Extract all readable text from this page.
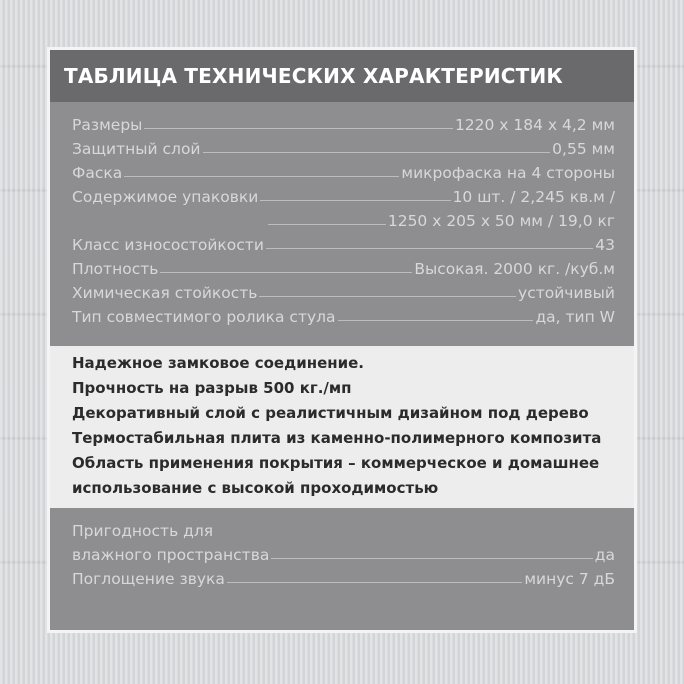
ТАБЛИЦА ТЕХНИЧЕСКИХ ХАРАКТЕРИСТИК
Размеры	1220 x 184 x 4,2 мм
Защитный слой	0,55 мм
Фаска	микрофаска на 4 стороны
Содержимое упаковки	10 шт. / 2,245 кв.м /
1250 x 205 x 50 мм / 19,0 кг
Класс износостойкости	43
Плотность	Высокая. 2000 кг. /куб.м
Химическая стойкость	устойчивый
Тип совместимого ролика стула	да, тип W
Надежное замковое соединение.
Прочность на разрыв 500 кг./мп
Декоративный слой с реалистичным дизайном под дерево
Термостабильная плита из каменно-полимерного композита
Область применения покрытия – коммерческое и домашнее
использование с высокой проходимостью
Пригодность для
влажного пространства	да
Поглощение звука	минус 7 дБ
